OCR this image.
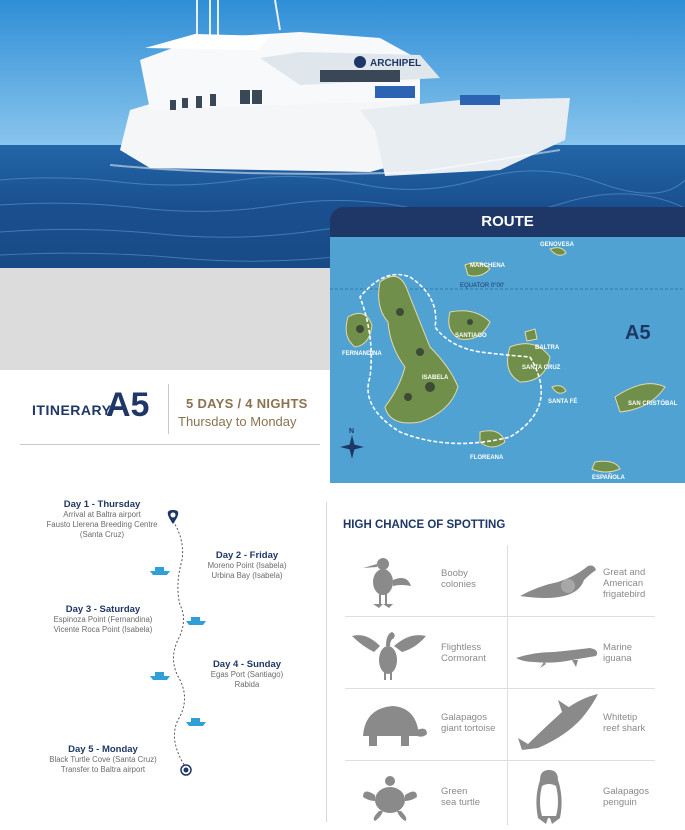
ARCHIPEL
ROUTE
EQUATOR 0°00'
GENOVESA
MARCHENA
SANTIAGO
FERNANDINA
ISABELA
SANTA CRUZ
BALTRA
SANTA FÉ	SAN CRISTÓBAL
FLOREANA
ESPAÑOLA
A5
N
ITINERARY
A5	5 DAYS / 4 NIGHTS
Thursday to Monday
Day 1 - Thursday
Arrival at Baltra airport
Fausto Llerena Breeding Centre
(Santa Cruz)
Day 2 - Friday
Moreno Point (Isabela)
Urbina Bay (Isabela)
Day 3 - Saturday
Espinoza Point (Fernandina)
Vicente Roca Point (Isabela)
Day 4 - Sunday
Egas Port (Santiago)
Rabida
Day 5 - Monday
Black Turtle Cove (Santa Cruz)
Transfer to Baltra airport
HIGH CHANCE OF SPOTTING
Booby
colonies
Great and
American
frigatebird
Flightless
Cormorant
Marine
iguana
Galapagos
giant tortoise
Whitetip
reef shark
Green
sea turtle
Galapagos
penguin
